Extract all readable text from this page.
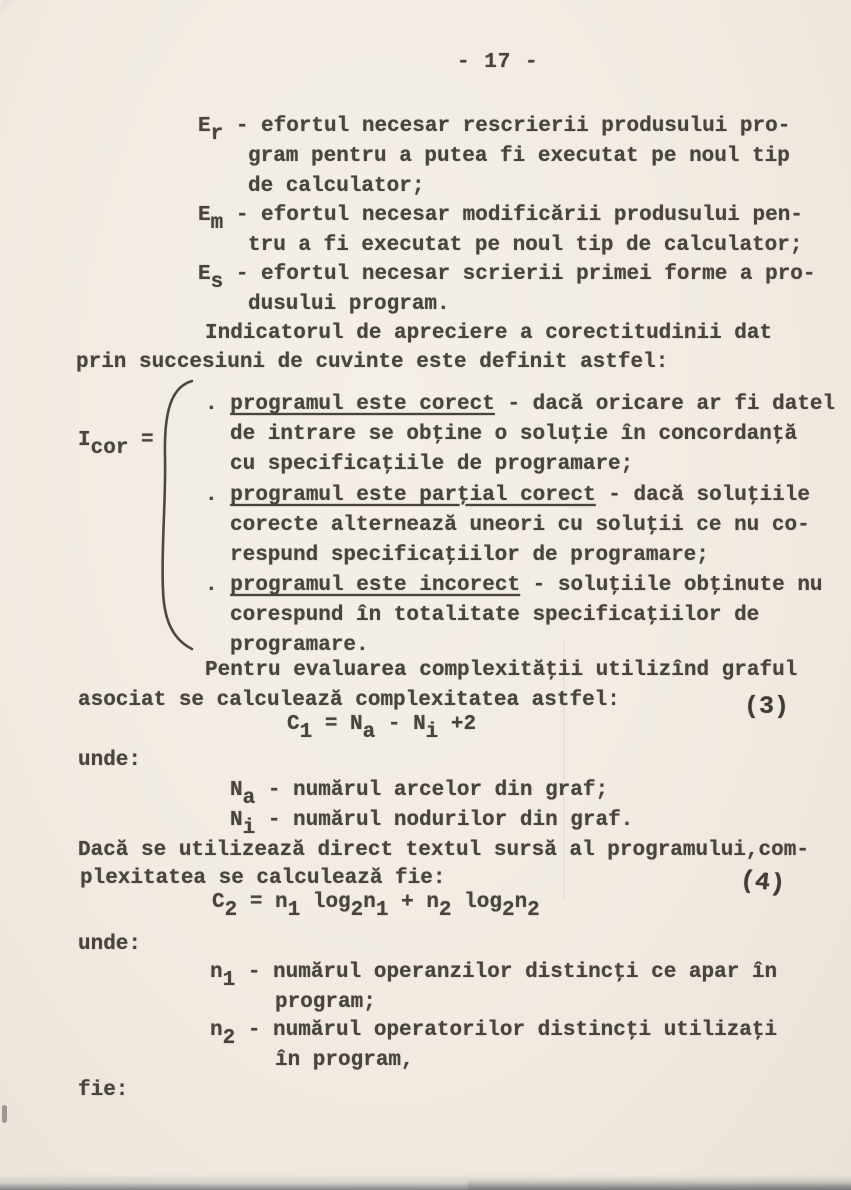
- 17 -
Er - efortul necesar rescrierii produsului pro-
gram pentru a putea fi executat pe noul tip
de calculator;
Em - efortul necesar modificării produsului pen-
tru a fi executat pe noul tip de calculator;
Es - efortul necesar scrierii primei forme a pro-
dusului program.
Indicatorul de apreciere a corectitudinii dat
prin succesiuni de cuvinte este definit astfel:
Icor =
. programul este corect - dacă oricare ar fi datel
de intrare se obţine o soluţie în concordanţă
cu specificaţiile de programare;
. programul este parţial corect - dacă soluţiile
corecte alternează uneori cu soluţii ce nu co-
respund specificaţiilor de programare;
. programul este incorect - soluţiile obţinute nu
corespund în totalitate specificaţiilor de
programare.
Pentru evaluarea complexităţii utilizînd graful
asociat se calculează complexitatea astfel:	(3)
C1 = Na - Ni +2
unde:
Na - numărul arcelor din graf;
Ni - numărul nodurilor din graf.
Dacă se utilizează direct textul sursă al programului,com-
plexitatea se calculează fie:	(4)
C2 = n1 log2n1 + n2 log2n2
unde:
n1 - numărul operanzilor distincţi ce apar în
program;
n2 - numărul operatorilor distincţi utilizaţi
în program,
fie:
